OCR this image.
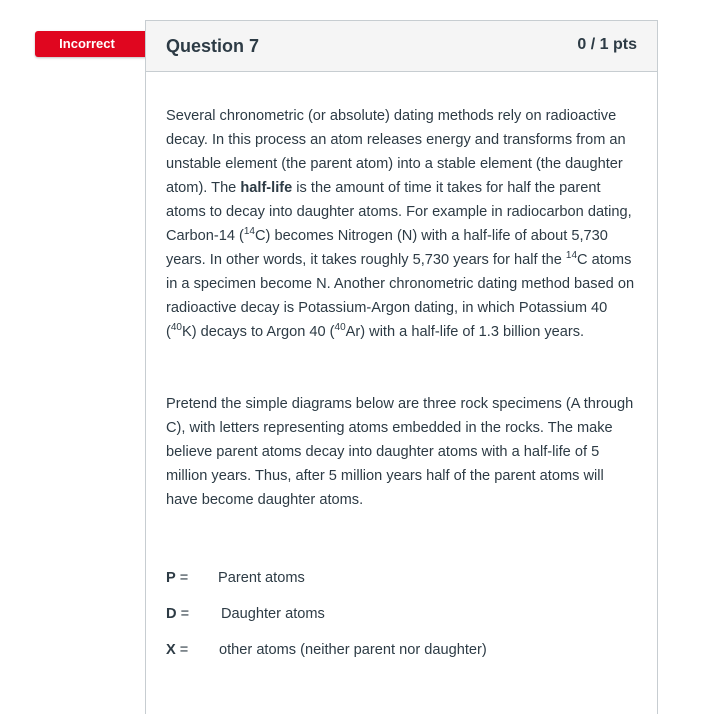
Incorrect	Question 7	0 / 1 pts

Several chronometric (or absolute) dating methods rely on radioactive decay. In this process an atom releases energy and transforms from an unstable element (the parent atom) into a stable element (the daughter atom). The half-life is the amount of time it takes for half the parent atoms to decay into daughter atoms. For example in radiocarbon dating, Carbon-14 ($^{14}$C) becomes Nitrogen (N) with a half-life of about 5,730 years. In other words, it takes roughly 5,730 years for half the $^{14}$C atoms in a specimen become N. Another chronometric dating method based on radioactive decay is Potassium-Argon dating, in which Potassium 40 ($^{40}$K) decays to Argon 40 ($^{40}$Ar) with a half-life of 1.3 billion years.

Pretend the simple diagrams below are three rock specimens (A through C), with letters representing atoms embedded in the rocks. The make believe parent atoms decay into daughter atoms with a half-life of 5 million years. Thus, after 5 million years half of the parent atoms will have become daughter atoms.

P =	Parent atoms
D =	Daughter atoms
X =	other atoms (neither parent nor daughter)
